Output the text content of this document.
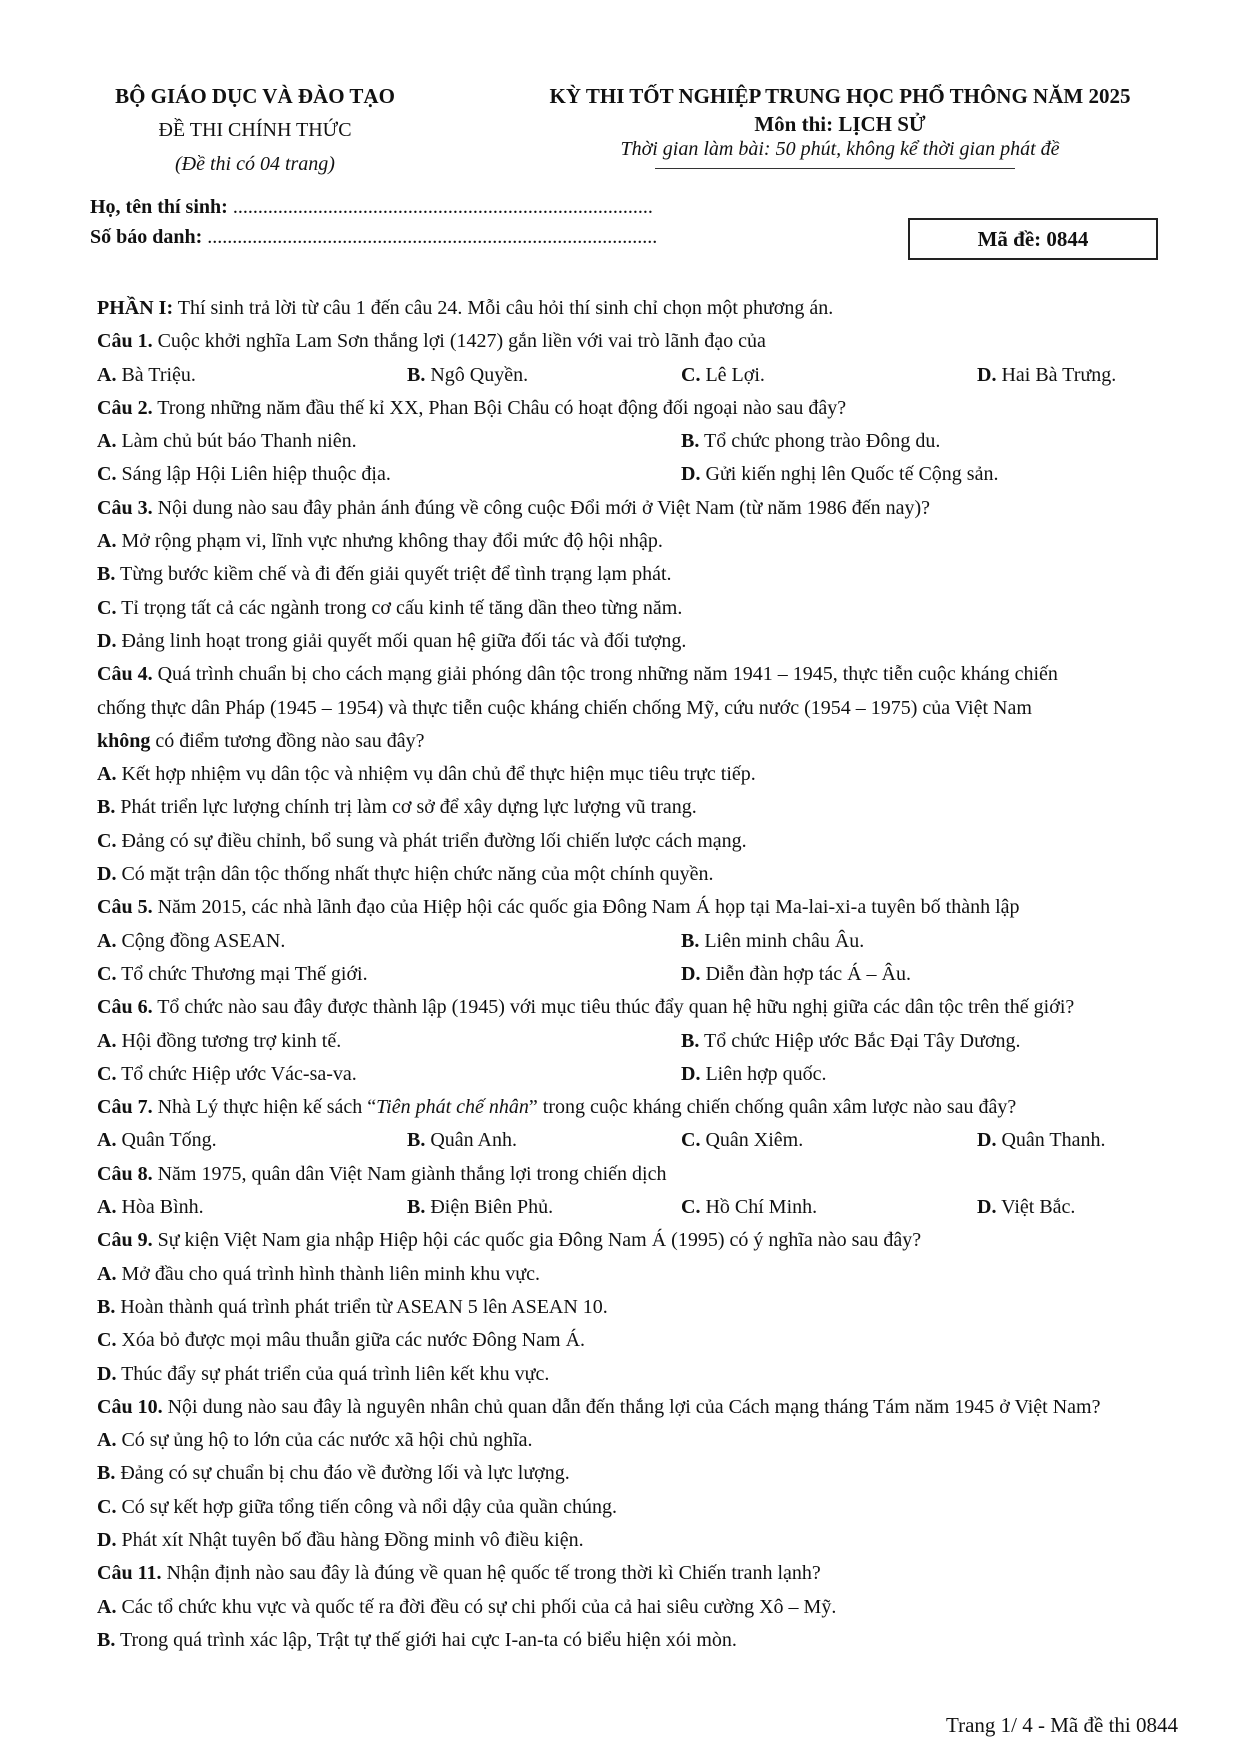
BỘ GIÁO DỤC VÀ ĐÀO TẠO
ĐỀ THI CHÍNH THỨC
(Đề thi có 04 trang)
KỲ THI TỐT NGHIỆP TRUNG HỌC PHỔ THÔNG NĂM 2025
Môn thi: LỊCH SỬ
Thời gian làm bài: 50 phút, không kể thời gian phát đề
Họ, tên thí sinh: ....................................................................................
Số báo danh: ..........................................................................................	Mã đề: 0844
PHẦN I: Thí sinh trả lời từ câu 1 đến câu 24. Mỗi câu hỏi thí sinh chỉ chọn một phương án.
Câu 1. Cuộc khởi nghĩa Lam Sơn thắng lợi (1427) gắn liền với vai trò lãnh đạo của
A. Bà Triệu.	B. Ngô Quyền.	C. Lê Lợi.	D. Hai Bà Trưng.
Câu 2. Trong những năm đầu thế kỉ XX, Phan Bội Châu có hoạt động đối ngoại nào sau đây?
A. Làm chủ bút báo Thanh niên.	B. Tổ chức phong trào Đông du.
C. Sáng lập Hội Liên hiệp thuộc địa.	D. Gửi kiến nghị lên Quốc tế Cộng sản.
Câu 3. Nội dung nào sau đây phản ánh đúng về công cuộc Đổi mới ở Việt Nam (từ năm 1986 đến nay)?
A. Mở rộng phạm vi, lĩnh vực nhưng không thay đổi mức độ hội nhập.
B. Từng bước kiềm chế và đi đến giải quyết triệt để tình trạng lạm phát.
C. Tỉ trọng tất cả các ngành trong cơ cấu kinh tế tăng dần theo từng năm.
D. Đảng linh hoạt trong giải quyết mối quan hệ giữa đối tác và đối tượng.
Câu 4. Quá trình chuẩn bị cho cách mạng giải phóng dân tộc trong những năm 1941 – 1945, thực tiễn cuộc kháng chiến
chống thực dân Pháp (1945 – 1954) và thực tiễn cuộc kháng chiến chống Mỹ, cứu nước (1954 – 1975) của Việt Nam
không có điểm tương đồng nào sau đây?
A. Kết hợp nhiệm vụ dân tộc và nhiệm vụ dân chủ để thực hiện mục tiêu trực tiếp.
B. Phát triển lực lượng chính trị làm cơ sở để xây dựng lực lượng vũ trang.
C. Đảng có sự điều chỉnh, bổ sung và phát triển đường lối chiến lược cách mạng.
D. Có mặt trận dân tộc thống nhất thực hiện chức năng của một chính quyền.
Câu 5. Năm 2015, các nhà lãnh đạo của Hiệp hội các quốc gia Đông Nam Á họp tại Ma-lai-xi-a tuyên bố thành lập
A. Cộng đồng ASEAN.	B. Liên minh châu Âu.
C. Tổ chức Thương mại Thế giới.	D. Diễn đàn hợp tác Á – Âu.
Câu 6. Tổ chức nào sau đây được thành lập (1945) với mục tiêu thúc đẩy quan hệ hữu nghị giữa các dân tộc trên thế giới?
A. Hội đồng tương trợ kinh tế.	B. Tổ chức Hiệp ước Bắc Đại Tây Dương.
C. Tổ chức Hiệp ước Vác-sa-va.	D. Liên hợp quốc.
Câu 7. Nhà Lý thực hiện kế sách “Tiên phát chế nhân” trong cuộc kháng chiến chống quân xâm lược nào sau đây?
A. Quân Tống.	B. Quân Anh.	C. Quân Xiêm.	D. Quân Thanh.
Câu 8. Năm 1975, quân dân Việt Nam giành thắng lợi trong chiến dịch
A. Hòa Bình.	B. Điện Biên Phủ.	C. Hồ Chí Minh.	D. Việt Bắc.
Câu 9. Sự kiện Việt Nam gia nhập Hiệp hội các quốc gia Đông Nam Á (1995) có ý nghĩa nào sau đây?
A. Mở đầu cho quá trình hình thành liên minh khu vực.
B. Hoàn thành quá trình phát triển từ ASEAN 5 lên ASEAN 10.
C. Xóa bỏ được mọi mâu thuẫn giữa các nước Đông Nam Á.
D. Thúc đẩy sự phát triển của quá trình liên kết khu vực.
Câu 10. Nội dung nào sau đây là nguyên nhân chủ quan dẫn đến thắng lợi của Cách mạng tháng Tám năm 1945 ở Việt Nam?
A. Có sự ủng hộ to lớn của các nước xã hội chủ nghĩa.
B. Đảng có sự chuẩn bị chu đáo về đường lối và lực lượng.
C. Có sự kết hợp giữa tổng tiến công và nổi dậy của quần chúng.
D. Phát xít Nhật tuyên bố đầu hàng Đồng minh vô điều kiện.
Câu 11. Nhận định nào sau đây là đúng về quan hệ quốc tế trong thời kì Chiến tranh lạnh?
A. Các tổ chức khu vực và quốc tế ra đời đều có sự chi phối của cả hai siêu cường Xô – Mỹ.
B. Trong quá trình xác lập, Trật tự thế giới hai cực I-an-ta có biểu hiện xói mòn.
Trang 1/ 4 - Mã đề thi 0844
